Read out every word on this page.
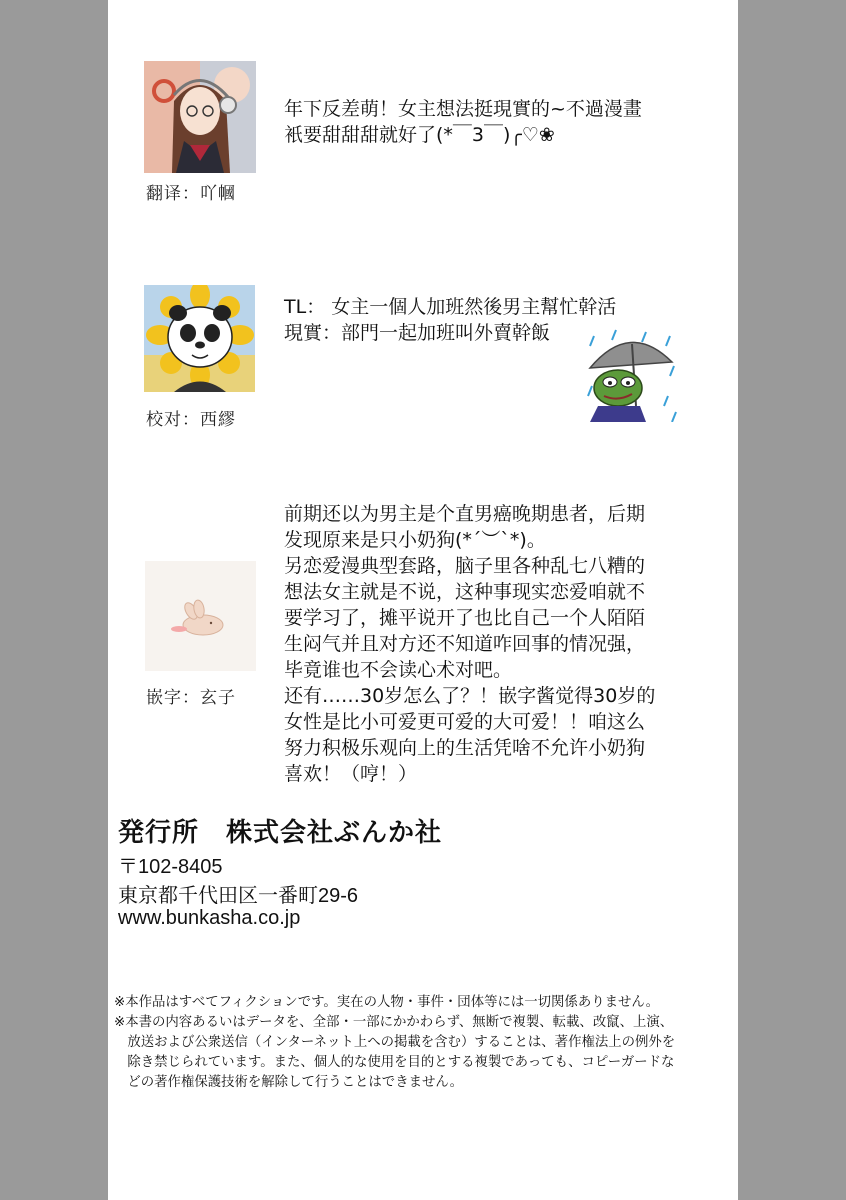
翻译：吖幗
年下反差萌！女主想法挺現實的~不過漫畫
衹要甜甜甜就好了(*￣3￣)╭♡❀
校对：西繆
TL： 女主一個人加班然後男主幫忙幹活
現實：部門一起加班叫外賣幹飯
嵌字：玄子
前期还以为男主是个直男癌晚期患者，后期
发现原来是只小奶狗(*´︶`*)。
另恋爱漫典型套路，脑子里各种乱七八糟的
想法女主就是不说，这种事现实恋爱咱就不
要学习了，摊平说开了也比自己一个人陌陌
生闷气并且对方还不知道咋回事的情况强，
毕竟谁也不会读心术对吧。
还有……30岁怎么了？！嵌字酱觉得30岁的
女性是比小可爱更可爱的大可爱！！咱这么
努力积极乐观向上的生活凭啥不允许小奶狗
喜欢！（哼！）
発行所　株式会社ぶんか社
〒102-8405
東京都千代田区一番町29-6
www.bunkasha.co.jp
※本作品はすべてフィクションです。実在の人物・事件・団体等には一切関係ありません。
※本書の内容あるいはデータを、全部・一部にかかわらず、無断で複製、転載、改竄、上演、
　放送および公衆送信（インターネット上への掲載を含む）することは、著作権法上の例外を
　除き禁じられています。また、個人的な使用を目的とする複製であっても、コピーガードな
　どの著作権保護技術を解除して行うことはできません。
